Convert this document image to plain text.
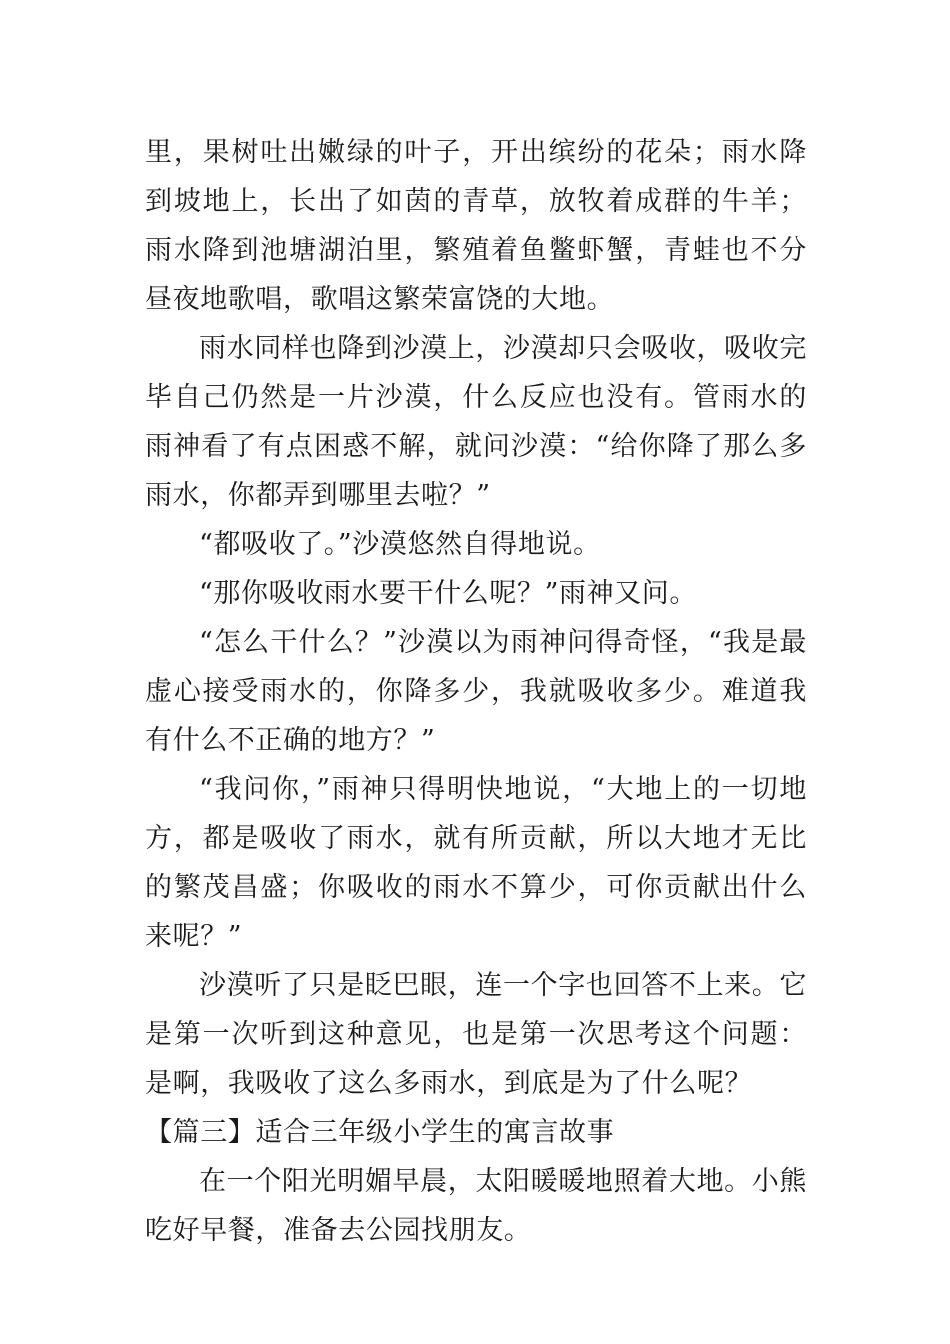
里，果树吐出嫩绿的叶子，开出缤纷的花朵；雨水降到坡地上，长出了如茵的青草，放牧着成群的牛羊；雨水降到池塘湖泊里，繁殖着鱼鳖虾蟹，青蛙也不分昼夜地歌唱，歌唱这繁荣富饶的大地。

雨水同样也降到沙漠上，沙漠却只会吸收，吸收完毕自己仍然是一片沙漠，什么反应也没有。管雨水的雨神看了有点困惑不解，就问沙漠：“给你降了那么多雨水，你都弄到哪里去啦？”

“都吸收了。”沙漠悠然自得地说。

“那你吸收雨水要干什么呢？”雨神又问。

“怎么干什么？”沙漠以为雨神问得奇怪，“我是最虚心接受雨水的，你降多少，我就吸收多少。难道我有什么不正确的地方？”

“我问你，”雨神只得明快地说，“大地上的一切地方，都是吸收了雨水，就有所贡献，所以大地才无比的繁茂昌盛；你吸收的雨水不算少，可你贡献出什么来呢？”

沙漠听了只是眨巴眼，连一个字也回答不上来。它是第一次听到这种意见，也是第一次思考这个问题：是啊，我吸收了这么多雨水，到底是为了什么呢？

【篇三】适合三年级小学生的寓言故事

在一个阳光明媚早晨，太阳暖暖地照着大地。小熊吃好早餐，准备去公园找朋友。
